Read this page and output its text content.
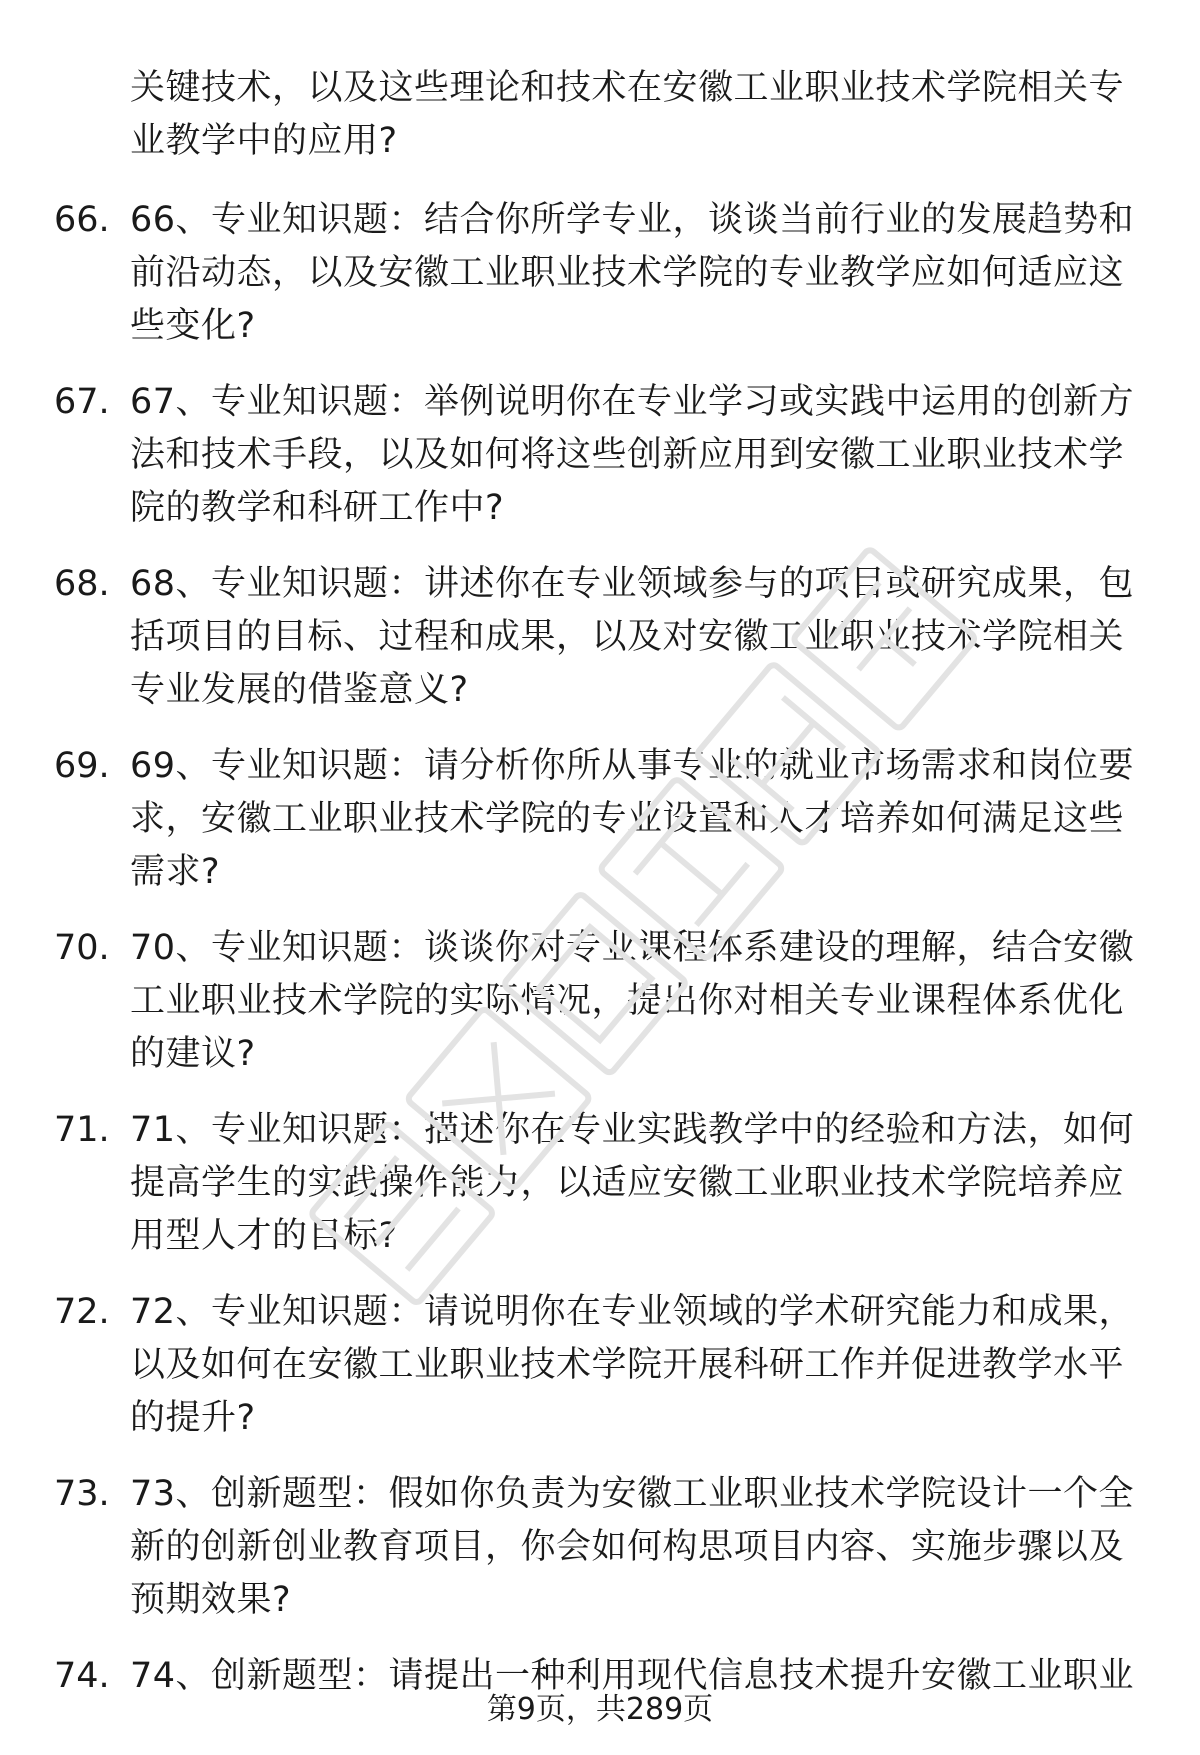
关键技术，以及这些理论和技术在安徽工业职业技术学院相关专业教学中的应用?
66. 66、专业知识题：结合你所学专业，谈谈当前行业的发展趋势和前沿动态，以及安徽工业职业技术学院的专业教学应如何适应这些变化?
67. 67、专业知识题：举例说明你在专业学习或实践中运用的创新方法和技术手段，以及如何将这些创新应用到安徽工业职业技术学院的教学和科研工作中?
68. 68、专业知识题：讲述你在专业领域参与的项目或研究成果，包括项目的目标、过程和成果，以及对安徽工业职业技术学院相关专业发展的借鉴意义?
69. 69、专业知识题：请分析你所从事专业的就业市场需求和岗位要求，安徽工业职业技术学院的专业设置和人才培养如何满足这些需求?
70. 70、专业知识题：谈谈你对专业课程体系建设的理解，结合安徽工业职业技术学院的实际情况，提出你对相关专业课程体系优化的建议?
71. 71、专业知识题：描述你在专业实践教学中的经验和方法，如何提高学生的实践操作能力，以适应安徽工业职业技术学院培养应用型人才的目标?
72. 72、专业知识题：请说明你在专业领域的学术研究能力和成果，以及如何在安徽工业职业技术学院开展科研工作并促进教学水平的提升?
73. 73、创新题型：假如你负责为安徽工业职业技术学院设计一个全新的创新创业教育项目，你会如何构思项目内容、实施步骤以及预期效果?
74. 74、创新题型：请提出一种利用现代信息技术提升安徽工业职业
第9页，共289页
